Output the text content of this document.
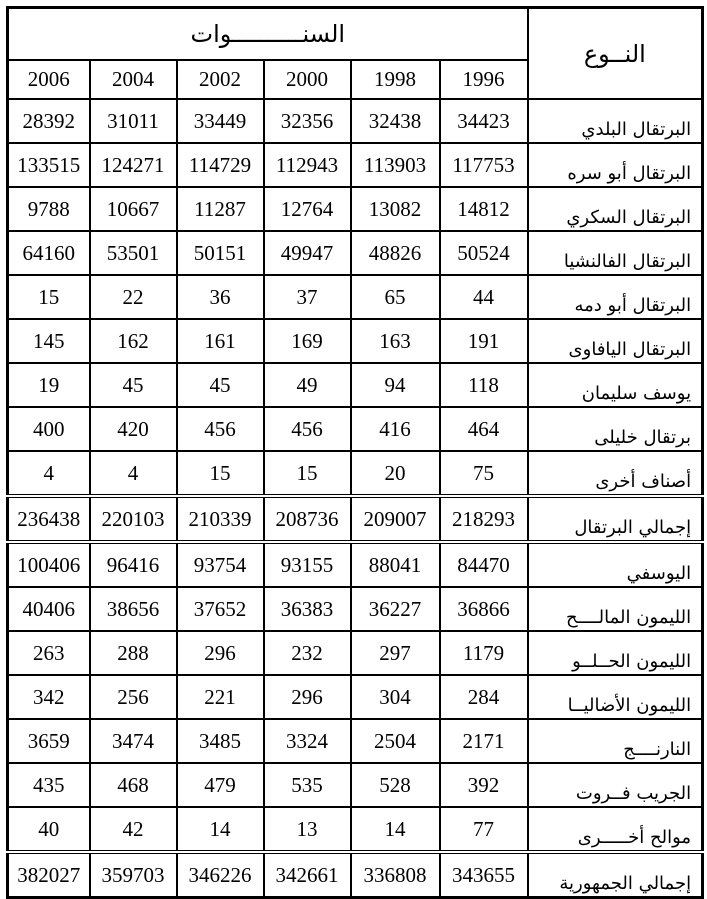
السنــــــــــوات						النــوع
2006	2004	2002	2000	1998	1996	
28392	31011	33449	32356	32438	34423	البرتقال البلدي
133515	124271	114729	112943	113903	117753	البرتقال أبو سره
9788	10667	11287	12764	13082	14812	البرتقال السكري
64160	53501	50151	49947	48826	50524	البرتقال الفالنشيا
15	22	36	37	65	44	البرتقال أبو دمه
145	162	161	169	163	191	البرتقال اليافاوى
19	45	45	49	94	118	يوسف سليمان
400	420	456	456	416	464	برتقال خليلى
4	4	15	15	20	75	أصناف أخرى
236438	220103	210339	208736	209007	218293	إجمالي البرتقال
100406	96416	93754	93155	88041	84470	اليوسفي
40406	38656	37652	36383	36227	36866	الليمون المالــــح
263	288	296	232	297	1179	الليمون الحــلــو
342	256	221	296	304	284	الليمون الأضاليــا
3659	3474	3485	3324	2504	2171	النارنــــج
435	468	479	535	528	392	الجريب فــروت
40	42	14	13	14	77	موالح أخـــــرى
382027	359703	346226	342661	336808	343655	إجمالي الجمهورية
